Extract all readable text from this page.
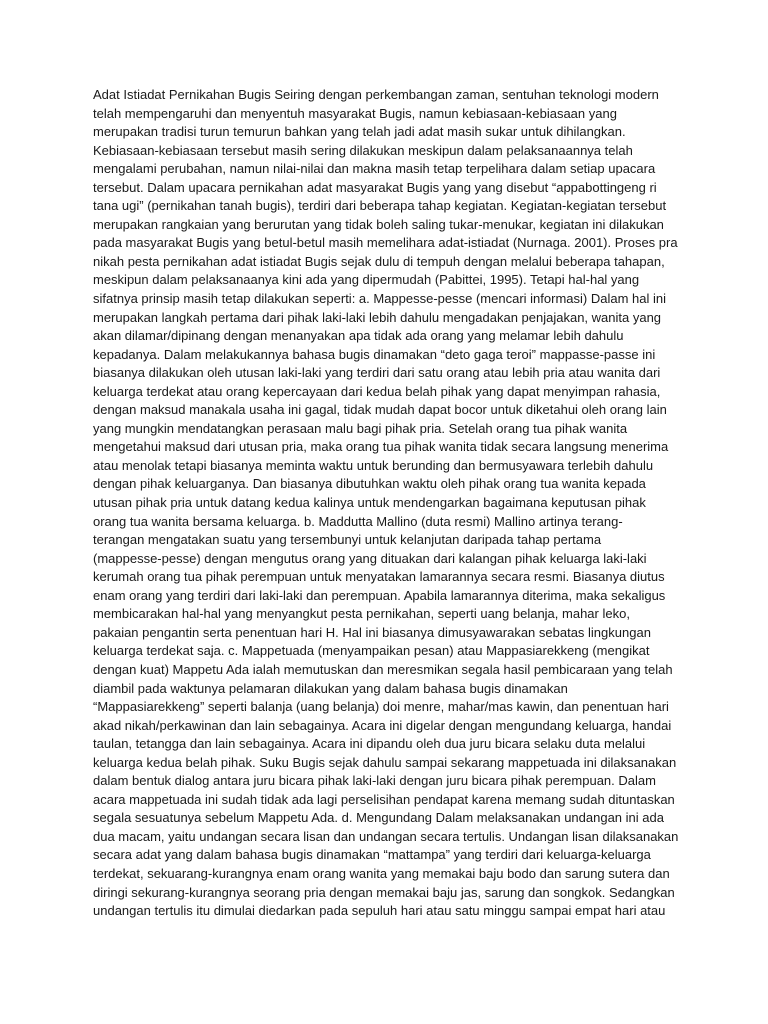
Adat Istiadat Pernikahan Bugis Seiring dengan perkembangan zaman, sentuhan teknologi modern
telah mempengaruhi dan menyentuh masyarakat Bugis, namun kebiasaan-kebiasaan yang
merupakan tradisi turun temurun bahkan yang telah jadi adat masih sukar untuk dihilangkan.
Kebiasaan-kebiasaan tersebut masih sering dilakukan meskipun dalam pelaksanaannya telah
mengalami perubahan, namun nilai-nilai dan makna masih tetap terpelihara dalam setiap upacara
tersebut. Dalam upacara pernikahan adat masyarakat Bugis yang yang disebut “appabottingeng ri
tana ugi” (pernikahan tanah bugis), terdiri dari beberapa tahap kegiatan. Kegiatan-kegiatan tersebut
merupakan rangkaian yang berurutan yang tidak boleh saling tukar-menukar, kegiatan ini dilakukan
pada masyarakat Bugis yang betul-betul masih memelihara adat-istiadat (Nurnaga. 2001). Proses pra
nikah pesta pernikahan adat istiadat Bugis sejak dulu di tempuh dengan melalui beberapa tahapan,
meskipun dalam pelaksanaanya kini ada yang dipermudah (Pabittei, 1995). Tetapi hal-hal yang
sifatnya prinsip masih tetap dilakukan seperti: a. Mappesse-pesse (mencari informasi) Dalam hal ini
merupakan langkah pertama dari pihak laki-laki lebih dahulu mengadakan penjajakan, wanita yang
akan dilamar/dipinang dengan menanyakan apa tidak ada orang yang melamar lebih dahulu
kepadanya. Dalam melakukannya bahasa bugis dinamakan “deto gaga teroi” mappasse-passe ini
biasanya dilakukan oleh utusan laki-laki yang terdiri dari satu orang atau lebih pria atau wanita dari
keluarga terdekat atau orang kepercayaan dari kedua belah pihak yang dapat menyimpan rahasia,
dengan maksud manakala usaha ini gagal, tidak mudah dapat bocor untuk diketahui oleh orang lain
yang mungkin mendatangkan perasaan malu bagi pihak pria. Setelah orang tua pihak wanita
mengetahui maksud dari utusan pria, maka orang tua pihak wanita tidak secara langsung menerima
atau menolak tetapi biasanya meminta waktu untuk berunding dan bermusyawara terlebih dahulu
dengan pihak keluarganya. Dan biasanya dibutuhkan waktu oleh pihak orang tua wanita kepada
utusan pihak pria untuk datang kedua kalinya untuk mendengarkan bagaimana keputusan pihak
orang tua wanita bersama keluarga. b. Maddutta Mallino (duta resmi) Mallino artinya terang-
terangan mengatakan suatu yang tersembunyi untuk kelanjutan daripada tahap pertama
(mappesse-pesse) dengan mengutus orang yang dituakan dari kalangan pihak keluarga laki-laki
kerumah orang tua pihak perempuan untuk menyatakan lamarannya secara resmi. Biasanya diutus
enam orang yang terdiri dari laki-laki dan perempuan. Apabila lamarannya diterima, maka sekaligus
membicarakan hal-hal yang menyangkut pesta pernikahan, seperti uang belanja, mahar leko,
pakaian pengantin serta penentuan hari H. Hal ini biasanya dimusyawarakan sebatas lingkungan
keluarga terdekat saja. c. Mappetuada (menyampaikan pesan) atau Mappasiarekkeng (mengikat
dengan kuat) Mappetu Ada ialah memutuskan dan meresmikan segala hasil pembicaraan yang telah
diambil pada waktunya pelamaran dilakukan yang dalam bahasa bugis dinamakan
“Mappasiarekkeng” seperti balanja (uang belanja) doi menre, mahar/mas kawin, dan penentuan hari
akad nikah/perkawinan dan lain sebagainya. Acara ini digelar dengan mengundang keluarga, handai
taulan, tetangga dan lain sebagainya. Acara ini dipandu oleh dua juru bicara selaku duta melalui
keluarga kedua belah pihak. Suku Bugis sejak dahulu sampai sekarang mappetuada ini dilaksanakan
dalam bentuk dialog antara juru bicara pihak laki-laki dengan juru bicara pihak perempuan. Dalam
acara mappetuada ini sudah tidak ada lagi perselisihan pendapat karena memang sudah dituntaskan
segala sesuatunya sebelum Mappetu Ada. d. Mengundang Dalam melaksanakan undangan ini ada
dua macam, yaitu undangan secara lisan dan undangan secara tertulis. Undangan lisan dilaksanakan
secara adat yang dalam bahasa bugis dinamakan “mattampa” yang terdiri dari keluarga-keluarga
terdekat, sekuarang-kurangnya enam orang wanita yang memakai baju bodo dan sarung sutera dan
diringi sekurang-kurangnya seorang pria dengan memakai baju jas, sarung dan songkok. Sedangkan
undangan tertulis itu dimulai diedarkan pada sepuluh hari atau satu minggu sampai empat hari atau
